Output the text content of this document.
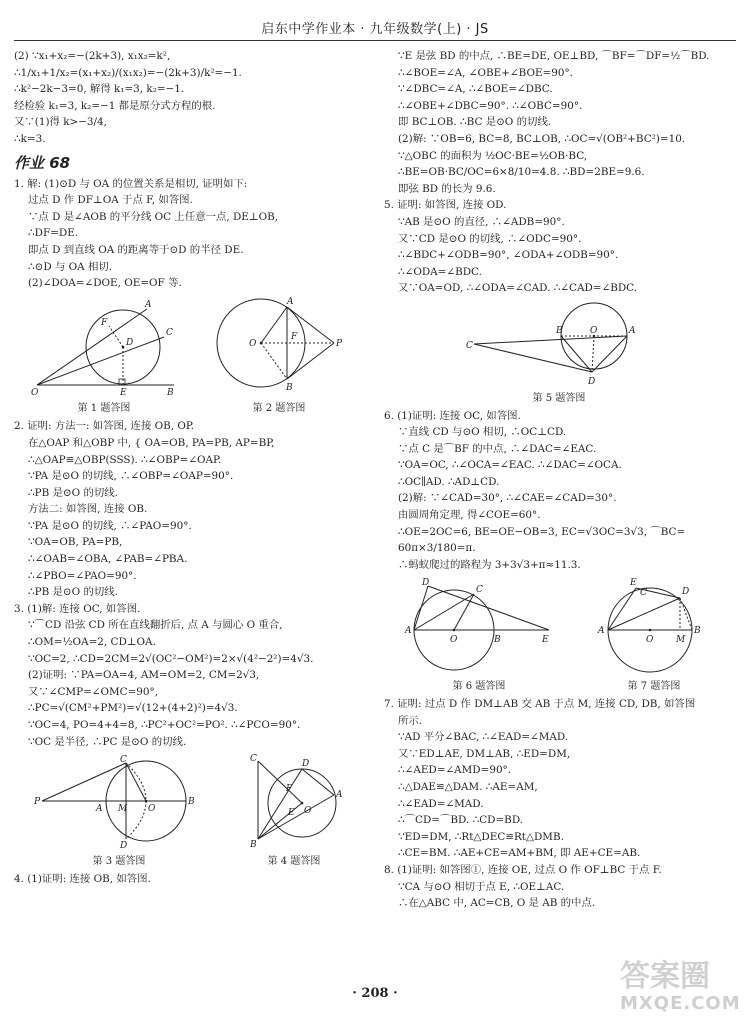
启东中学作业本 · 九年级数学(上) · JS
(2) ∵x₁+x₂=−(2k+3), x₁x₂=k²,
∴1/x₁+1/x₂=(x₁+x₂)/(x₁x₂)=−(2k+3)/k²=−1.
∴k²−2k−3=0, 解得 k₁=3, k₂=−1.
经检验 k₁=3, k₂=−1 都是原分式方程的根.
又∵(1)得 k>−3/4,
∴k=3.
作业 68
1. 解: (1)⊙D 与 OA 的位置关系是相切, 证明如下:
过点 D 作 DF⊥OA 于点 F, 如答图.
∵点 D 是∠AOB 的平分线 OC 上任意一点, DE⊥OB,
∴DF=DE.
即点 D 到直线 OA 的距离等于⊙D 的半径 DE.
∴⊙D 与 OA 相切.
(2)∠DOA=∠DOE, OE=OF 等.
O	E	B
A
C
F
D
第 1 题答图
O	P
A
B
F
第 2 题答图
2. 证明: 方法一: 如答图, 连接 OB, OP.
在△OAP 和△OBP 中, { OA=OB, PA=PB, AP=BP,
∴△OAP≌△OBP(SSS). ∴∠OBP=∠OAP.
∵PA 是⊙O 的切线, ∴∠OBP=∠OAP=90°.
∴PB 是⊙O 的切线.
方法二: 如答图, 连接 OB.
∵PA 是⊙O 的切线, ∴∠PAO=90°.
∵OA=OB, PA=PB,
∴∠OAB=∠OBA, ∠PAB=∠PBA.
∴∠PBO=∠PAO=90°.
∴PB 是⊙O 的切线.
3. (1)解: 连接 OC, 如答图.
∵⌒CD 沿弦 CD 所在直线翻折后, 点 A 与圆心 O 重合,
∴OM=½OA=2, CD⊥OA.
∵OC=2, ∴CD=2CM=2√(OC²−OM²)=2×√(4²−2²)=4√3.
(2)证明: ∵PA=OA=4, AM=OM=2, CM=2√3,
又∵∠CMP=∠OMC=90°,
∴PC=√(CM²+PM²)=√(12+(4+2)²)=4√3.
∵OC=4, PO=4+4=8, ∴PC²+OC²=PO². ∴∠PCO=90°.
∵OC 是半径, ∴PC 是⊙O 的切线.
P
A M O
B
C
D
第 3 题答图
C
B
A
D
F
E O
第 4 题答图
4. (1)证明: 连接 OB, 如答图.
∵E 是弦 BD 的中点, ∴BE=DE, OE⊥BD, ⌒BF=⌒DF=½⌒BD.
∴∠BOE=∠A, ∠OBE+∠BOE=90°.
∵∠DBC=∠A, ∴∠BOE=∠DBC.
∴∠OBE+∠DBC=90°. ∴∠OBC=90°.
即 BC⊥OB. ∴BC 是⊙O 的切线.
(2)解: ∵OB=6, BC=8, BC⊥OB, ∴OC=√(OB²+BC²)=10.
∵△OBC 的面积为 ½OC·BE=½OB·BC,
∴BE=OB·BC/OC=6×8/10=4.8. ∴BD=2BE=9.6.
即弦 BD 的长为 9.6.
5. 证明: 如答图, 连接 OD.
∵AB 是⊙O 的直径, ∴∠ADB=90°.
又∵CD 是⊙O 的切线, ∴∠ODC=90°.
∴∠BDC+∠ODB=90°, ∠ODA+∠ODB=90°.
∴∠ODA=∠BDC.
又∵OA=OD, ∴∠ODA=∠CAD. ∴∠CAD=∠BDC.
C
B	O	A
D
第 5 题答图
6. (1)证明: 连接 OC, 如答图.
∵直线 CD 与⊙O 相切, ∴OC⊥CD.
∵点 C 是⌒BF 的中点, ∴∠DAC=∠EAC.
∵OA=OC, ∴∠OCA=∠EAC. ∴∠DAC=∠OCA.
∴OC∥AD. ∴AD⊥CD.
(2)解: ∵∠CAD=30°, ∴∠CAE=∠CAD=30°.
由圆周角定理, 得∠COE=60°.
∴OE=2OC=6, BE=OE−OB=3, EC=√3OC=3√3, ⌒BC=
60π×3/180=π.
∴蚂蚁爬过的路程为 3+3√3+π≈11.3.
A
O	B	E
D
C
第 6 题答图
A
O	M
B
E
C	D
第 7 题答图
7. 证明: 过点 D 作 DM⊥AB 交 AB 于点 M, 连接 CD, DB, 如答图
所示.
∵AD 平分∠BAC, ∴∠EAD=∠MAD.
又∵ED⊥AE, DM⊥AB, ∴ED=DM,
∴∠AED=∠AMD=90°.
∴△DAE≌△DAM. ∴AE=AM,
∴∠EAD=∠MAD.
∴⌒CD=⌒BD. ∴CD=BD.
∵ED=DM, ∴Rt△DEC≌Rt△DMB.
∴CE=BM. ∴AE+CE=AM+BM, 即 AE+CE=AB.
8. (1)证明: 如答图①, 连接 OE, 过点 O 作 OF⊥BC 于点 F.
∵CA 与⊙O 相切于点 E, ∴OE⊥AC.
∴在△ABC 中, AC=CB, O 是 AB 的中点.
· 208 ·	答案圈
MXQE.COM
